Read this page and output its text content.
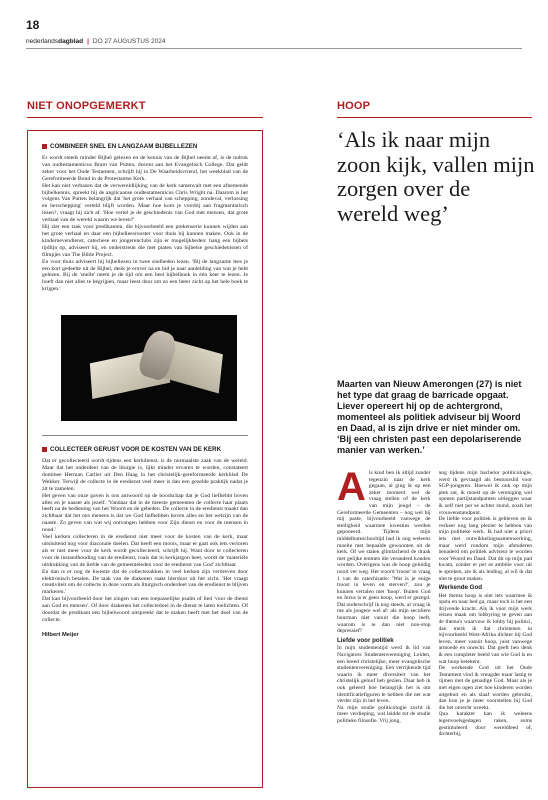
18
nederlands dagblad | DO 27 AUGUSTUS 2024
NIET ONOPGEMERKT
COMBINEER SNEL EN LANGZAAM BIJBELLEZEN

Er wordt steeds minder Bijbel gelezen en de kennis van de Bijbel neemt af, is de indruk van oudtestamenticus Bram van Putten, docent aan het Evangelisch College. Dat geldt zeker voor het Oude Testament, schrijft hij in De Waarheidsvriend, het weekblad van de Gereformeerde Bond in de Protestantse Kerk.

Het kan niet verbazen dat de verwereldlijking van de kerk samenvalt met een afnemende bijbelkennis, spreekt hij de anglicaanse oudtestamenticus Chris Wright na. Daarom is het volgens Van Putten belangrijk dat 'het grote verhaal van schepping, zondeval, verlossing en herschepping' verteld blijft worden. Maar hoe kom je voorbij aan fragmentarisch lezen?, vraagt hij zich af. 'Hoe vertel je de geschiedenis van God met mensen, dat grote verhaal van de wereld waarin we leven?'

Hij ziet een taak voor predikanten, die bijvoorbeeld een prekenserie kunnen wijden aan het grote verhaal en daar een bijbelleesrooster voor thuis bij kunnen maken. Ook in de kindernevendienst, catechese en jongerenclubs zijn er mogelijkheden: hang een bijbels tijdlijn op, adviseert hij, en onderstreun die met platen van bijbelse geschiedenissen of filmpjes van The Bible Project.

En voor thuis adviseert hij bijbellezen in twee snelheden lezen. 'Bij de langzame lees je een kort gedeelte uit de Bijbel, denk je erover na en bid je naar aanleiding van wat je hebt gelezen. Bij de 'snelle' neem je de tijd om een heel bijbelboek in één keer te lezen. Je hoeft dan niet alles te begrijpen, maar leest door om zo een beter zicht op het hele boek te krijgen.'

COLLECTEER GERUST VOOR DE KOSTEN VAN DE KERK

Dat er gecollecteerd wordt tijdens een kerkdienst, is de normaalste zaak van de wereld. Maar dat het onderdeel van de liturgie is, lijkt minder ervaren te worden, constateert dominee Herman Carlier uit Den Haag in het christelijk-gereformeerde kerkblad De Wekker. Terwijl de collecte in de eredienst veel meer is dan een gezelde praktijk nadat je zit te zamelen.

Het geven van onze gaven is ons antwoord op de boodschap dat je God liefhebbt boven alles en je naaste als jezelf. 'Vandaar dat in de meeste gemeenten de collecte haar plaats heeft na de bediening van het Woord en de gebeden. De collecte in de eredienst maakt dan zichtbaar dat het ons menens is dat we God liefhebben boven alles en het welzijn van de naaste. Zo geven van wat wij ontvangen hebben voor Zijn dienst en voor de mensen in nood.'

Veel kerken collecteren in de eredienst niet meer voor de kosten van de kerk, maar uitsluitend nog voor diaconale doelen. Dat heeft een moois, maar er gaat ook iets verloren als er niet meer voor de kerk wordt gecollecteerd, schrijft hij. Want door te collecteren voor de instandhouding van de eredienst, roals dat in kerkjargon heet, wordt de 'materiële uitdrukking van de liefde van de gemeenteleden voor de eredienst van God' zichtbaar.

En dan is er nog de kwestie dat de collectezakken in veel kerken zijn verdreven door elektronisch betalen. De taak van de diakenen raakt hierdoor uit het zicht. 'Het vraagt creativiteit om de collecte in deze vorm als liturgisch onderdeel van de eredienst te blijven markeren.'

Dat kan bijvoorbeeld door het zingen van een toepasselijke psalm of lied 'voor de dienst aan God en mensen'. Of door diakenen het collectedoel in de dienst te laten toelichten. Of doordat de predikant een bijbelwoord uitspreekt dat te maken heeft met het doel van de collecte.

Hilbert Meijer
HOOP
‘Als ik naar mijn zoon kijk, vallen mijn zorgen over de wereld weg’
Maarten van Nieuw Amerongen (27) is niet het type dat graag de barricade opgaat. Liever opereert hij op de achtergrond, momenteel als politiek adviseur bij Woord en Daad, al is zijn drive er niet minder om. ‘Bij een christen past een depolariserende manier van werken.’
A ls kind ben ik altijd zonder tegenzin naar de kerk gegaan, al ging ik op een zeker moment wel de vraag stellen of de kerk van mijn jeugd – de Gereformeerde Gemeenten – nog wel bij mij paste, bijvoorbeeld vanwege de stelligheid waarmee kwesties werden geponeerd. Tijdens mijn middelbareschooltijd had ik nog weleens moeite met bepaalde gewoonten uit de kerk. Of we stalen glimlachend de draak met gelijke tenmen die veranderd konden worden. Overigens was de hoop geluidig nooit ver weg. Het woord 'troost' in vraag 1 van de catechisatie: 'Wat is je enige troost in leven en sterven?', zou je kunnen vertalen met 'hoop'. Buiten God en Jezus is er geen hoop, werd er gezegd. Dat onderschrijf ik nog steeds, al vraag ik me als jongere wel af: als mijn seculiere buurman niet vanuit die hoop leeft, waarom is ie dan niet non-stop depressief?

Liefde voor politiek

In mijn studententijd werd ik lid van Navigators Studentenvereniging Leiden, een breed christelijke, meer evangelische studentenvereniging. Een verrijkende tijd waarin ik meer diversiteit van het christelijk geloof heb gezien. Daar heb ik ook geleerd hoe belangrijk het is om identificatiefiguren te hebben die net wat verder zijn in het leven.

Na mijn studie politicologie zocht ik meer verdieping, wat leidde tot de studie politieke filosofie. Vrij jong,

nog tijdens mijn bachelor politicologie, werd ik gevraagd als bestuurslid voor SGP-jongeren. Hoewel ik ook op mijn plek zat, ik moest op de vereniging wel openen partijstandpunten uitleggen waar ik zelf niet per se achter stond, zoals het vrouwenstandpunt.

De liefde voor politiek is gebleven en ik verkeer nog lang plezier te hebben van mijn politieke werk. Ik had niet a priori iets met ontwikkelingssamenwerking, maar werd rondom mijn afstuderen benaderd om politiek adviseur te worden voor Woord en Daad. Dat dit op mijn pad kwam, zonder er per se ambitie voor uit te spreken, zie ik als leiding, al wil ik dat niet te groot maken.

Werkende God

Het thema hoop is niet iets waarmee ik opsta en naar bed ga, maar toch is het een drijvende kracht. Als ik voor mijn werk reizen maak om lobbyring te geven aan de thema's waarvoor ik lobby bij politici, dan merk ik dat christenen in bijvoorbeeld West-Afrika dichter bij God leven, meer vanuit hoop, juist vanwege armoede en onrecht. Dat geeft hen denk ik een completer beeld van wie God is en wat hoop betekent.

De werkende God uit het Oude Testament vind ik vreugder maar lastig te rijmen met de genadige God. Maar als je met eigen ogen ziet hoe kinderen worden uitgebuit en als slaaf worden gebruikt, dan kun je je meer voorstellen bij God die het onrecht wreekt.

Qua karakter kan ik weleens tegenvoelsgedagen raken, soms gestimuleerd door wereldleed of, dichterbij,
